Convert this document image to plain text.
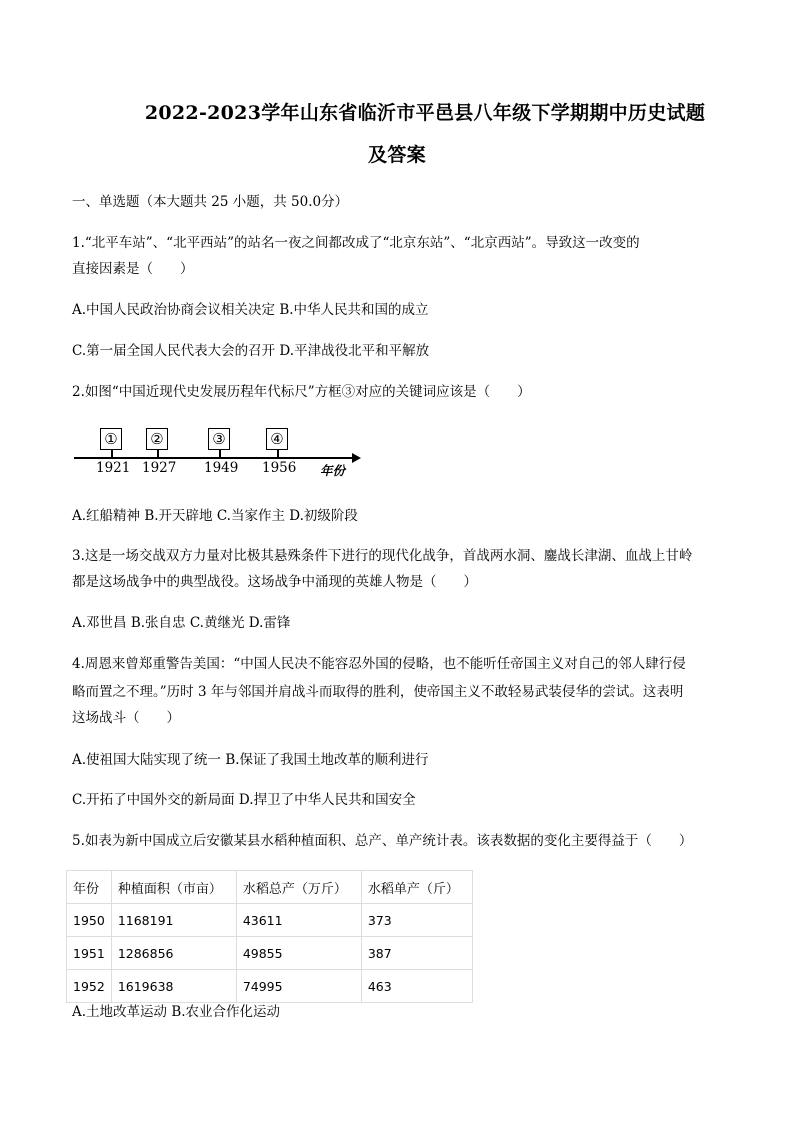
2022-2023学年山东省临沂市平邑县八年级下学期期中历史试题
及答案
一、单选题（本大题共 25 小题，共 50.0分）
1.“北平车站”、“北平西站”的站名一夜之间都改成了“北京东站”、“北京西站”。导致这一改变的
直接因素是（　　）
A.中国人民政治协商会议相关决定 B.中华人民共和国的成立
C.第一届全国人民代表大会的召开 D.平津战役北平和平解放
2.如图“中国近现代史发展历程年代标尺”方框③对应的关键词应该是（　　）
① ②	③	④
1921 1927 1949 1956 年份
A.红船精神 B.开天辟地 C.当家作主 D.初级阶段
3.这是一场交战双方力量对比极其悬殊条件下进行的现代化战争，首战两水洞、鏖战长津湖、血战上甘岭
都是这场战争中的典型战役。这场战争中涌现的英雄人物是（　　）
A.邓世昌 B.张自忠 C.黄继光 D.雷锋
4.周恩来曾郑重警告美国：“中国人民决不能容忍外国的侵略，也不能听任帝国主义对自己的邻人肆行侵
略而置之不理。”历时 3 年与邻国并肩战斗而取得的胜利，使帝国主义不敢轻易武装侵华的尝试。这表明
这场战斗（　　）
A.使祖国大陆实现了统一 B.保证了我国土地改革的顺利进行
C.开拓了中国外交的新局面 D.捍卫了中华人民共和国安全
5.如表为新中国成立后安徽某县水稻种植面积、总产、单产统计表。该表数据的变化主要得益于（　　）
年份	种植面积（市亩）	水稻总产（万斤）	水稻单产（斤）
1950	1168191	43611	373
1951	1286856	49855	387
1952	1619638	74995	463
A.土地改革运动 B.农业合作化运动
